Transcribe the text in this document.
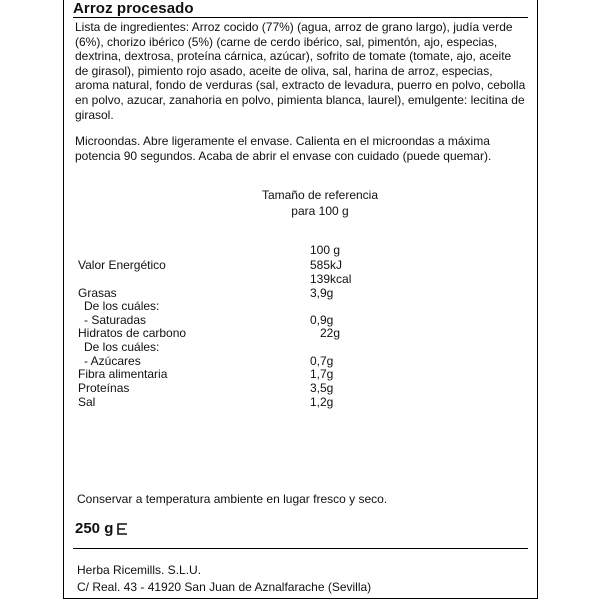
Arroz procesado

Lista de ingredientes: Arroz cocido (77%) (agua, arroz de grano largo), judía verde (6%), chorizo ibérico (5%) (carne de cerdo ibérico, sal, pimentón, ajo, especias, dextrina, dextrosa, proteína cárnica, azúcar), sofrito de tomate (tomate, ajo, aceite de girasol), pimiento rojo asado, aceite de oliva, sal, harina de arroz, especias, aroma natural, fondo de verduras (sal, extracto de levadura, puerro en polvo, cebolla en polvo, azucar, zanahoria en polvo, pimienta blanca, laurel), emulgente: lecitina de girasol.

Microondas. Abre ligeramente el envase. Calienta en el microondas a máxima potencia 90 segundos. Acaba de abrir el envase con cuidado (puede quemar).

Tamaño de referencia
para 100 g
100 g
Valor Energético	585kJ
139kcal
Grasas	3,9g
De los cuáles:
- Saturadas	0,9g
Hidratos de carbono	22g
De los cuáles:
- Azúcares	0,7g
Fibra alimentaria	1,7g
Proteínas	3,5g
Sal	1,2g
Conservar a temperatura ambiente en lugar fresco y seco.
250 g
Herba Ricemills. S.L.U.
C/ Real. 43 - 41920 San Juan de Aznalfarache (Sevilla)
